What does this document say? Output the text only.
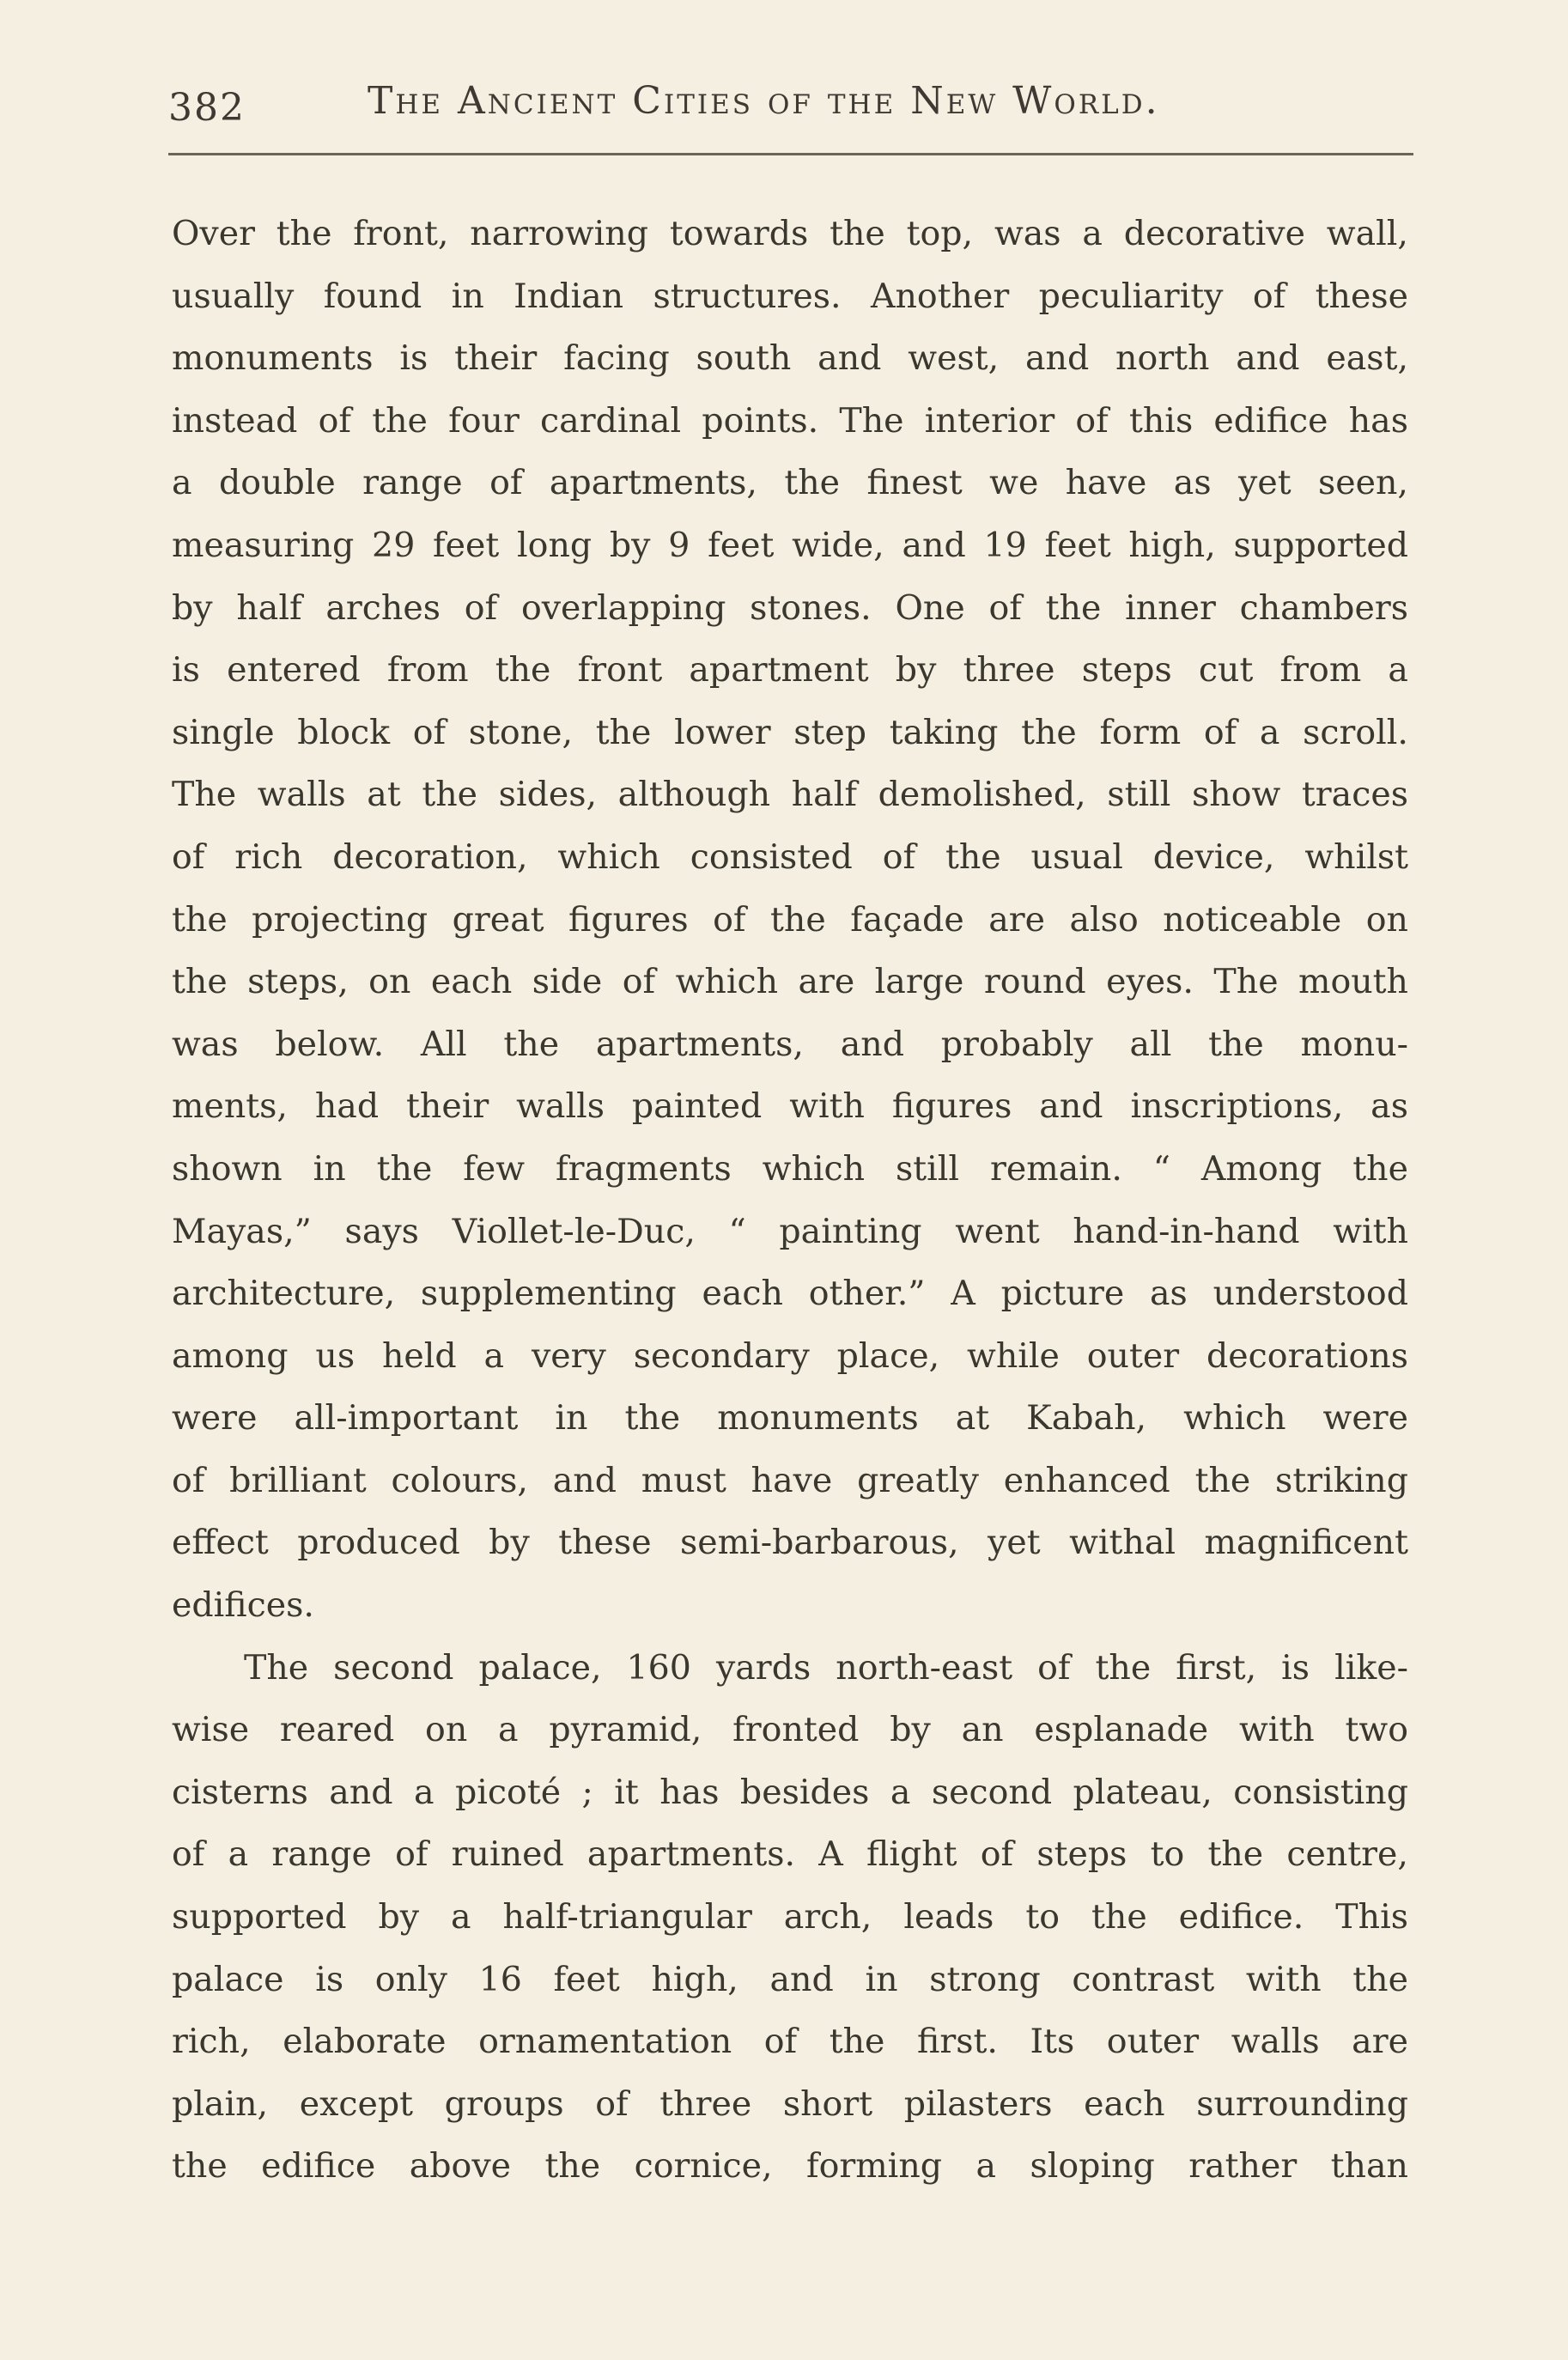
382	The Ancient Cities of the New World.
Over the front, narrowing towards the top, was a decorative wall,
usually found in Indian structures. Another peculiarity of these
monuments is their facing south and west, and north and east,
instead of the four cardinal points. The interior of this edifice has
a double range of apartments, the finest we have as yet seen,
measuring 29 feet long by 9 feet wide, and 19 feet high, supported
by half arches of overlapping stones. One of the inner chambers
is entered from the front apartment by three steps cut from a
single block of stone, the lower step taking the form of a scroll.
The walls at the sides, although half demolished, still show traces
of rich decoration, which consisted of the usual device, whilst
the projecting great figures of the façade are also noticeable on
the steps, on each side of which are large round eyes. The mouth
was below. All the apartments, and probably all the monu-
ments, had their walls painted with figures and inscriptions, as
shown in the few fragments which still remain. “ Among the
Mayas,” says Viollet-le-Duc, “ painting went hand-in-hand with
architecture, supplementing each other.” A picture as understood
among us held a very secondary place, while outer decorations
were all-important in the monuments at Kabah, which were
of brilliant colours, and must have greatly enhanced the striking
effect produced by these semi-barbarous, yet withal magnificent
edifices.
The second palace, 160 yards north-east of the first, is like-
wise reared on a pyramid, fronted by an esplanade with two
cisterns and a picoté ; it has besides a second plateau, consisting
of a range of ruined apartments. A flight of steps to the centre,
supported by a half-triangular arch, leads to the edifice. This
palace is only 16 feet high, and in strong contrast with the
rich, elaborate ornamentation of the first. Its outer walls are
plain, except groups of three short pilasters each surrounding
the edifice above the cornice, forming a sloping rather than
